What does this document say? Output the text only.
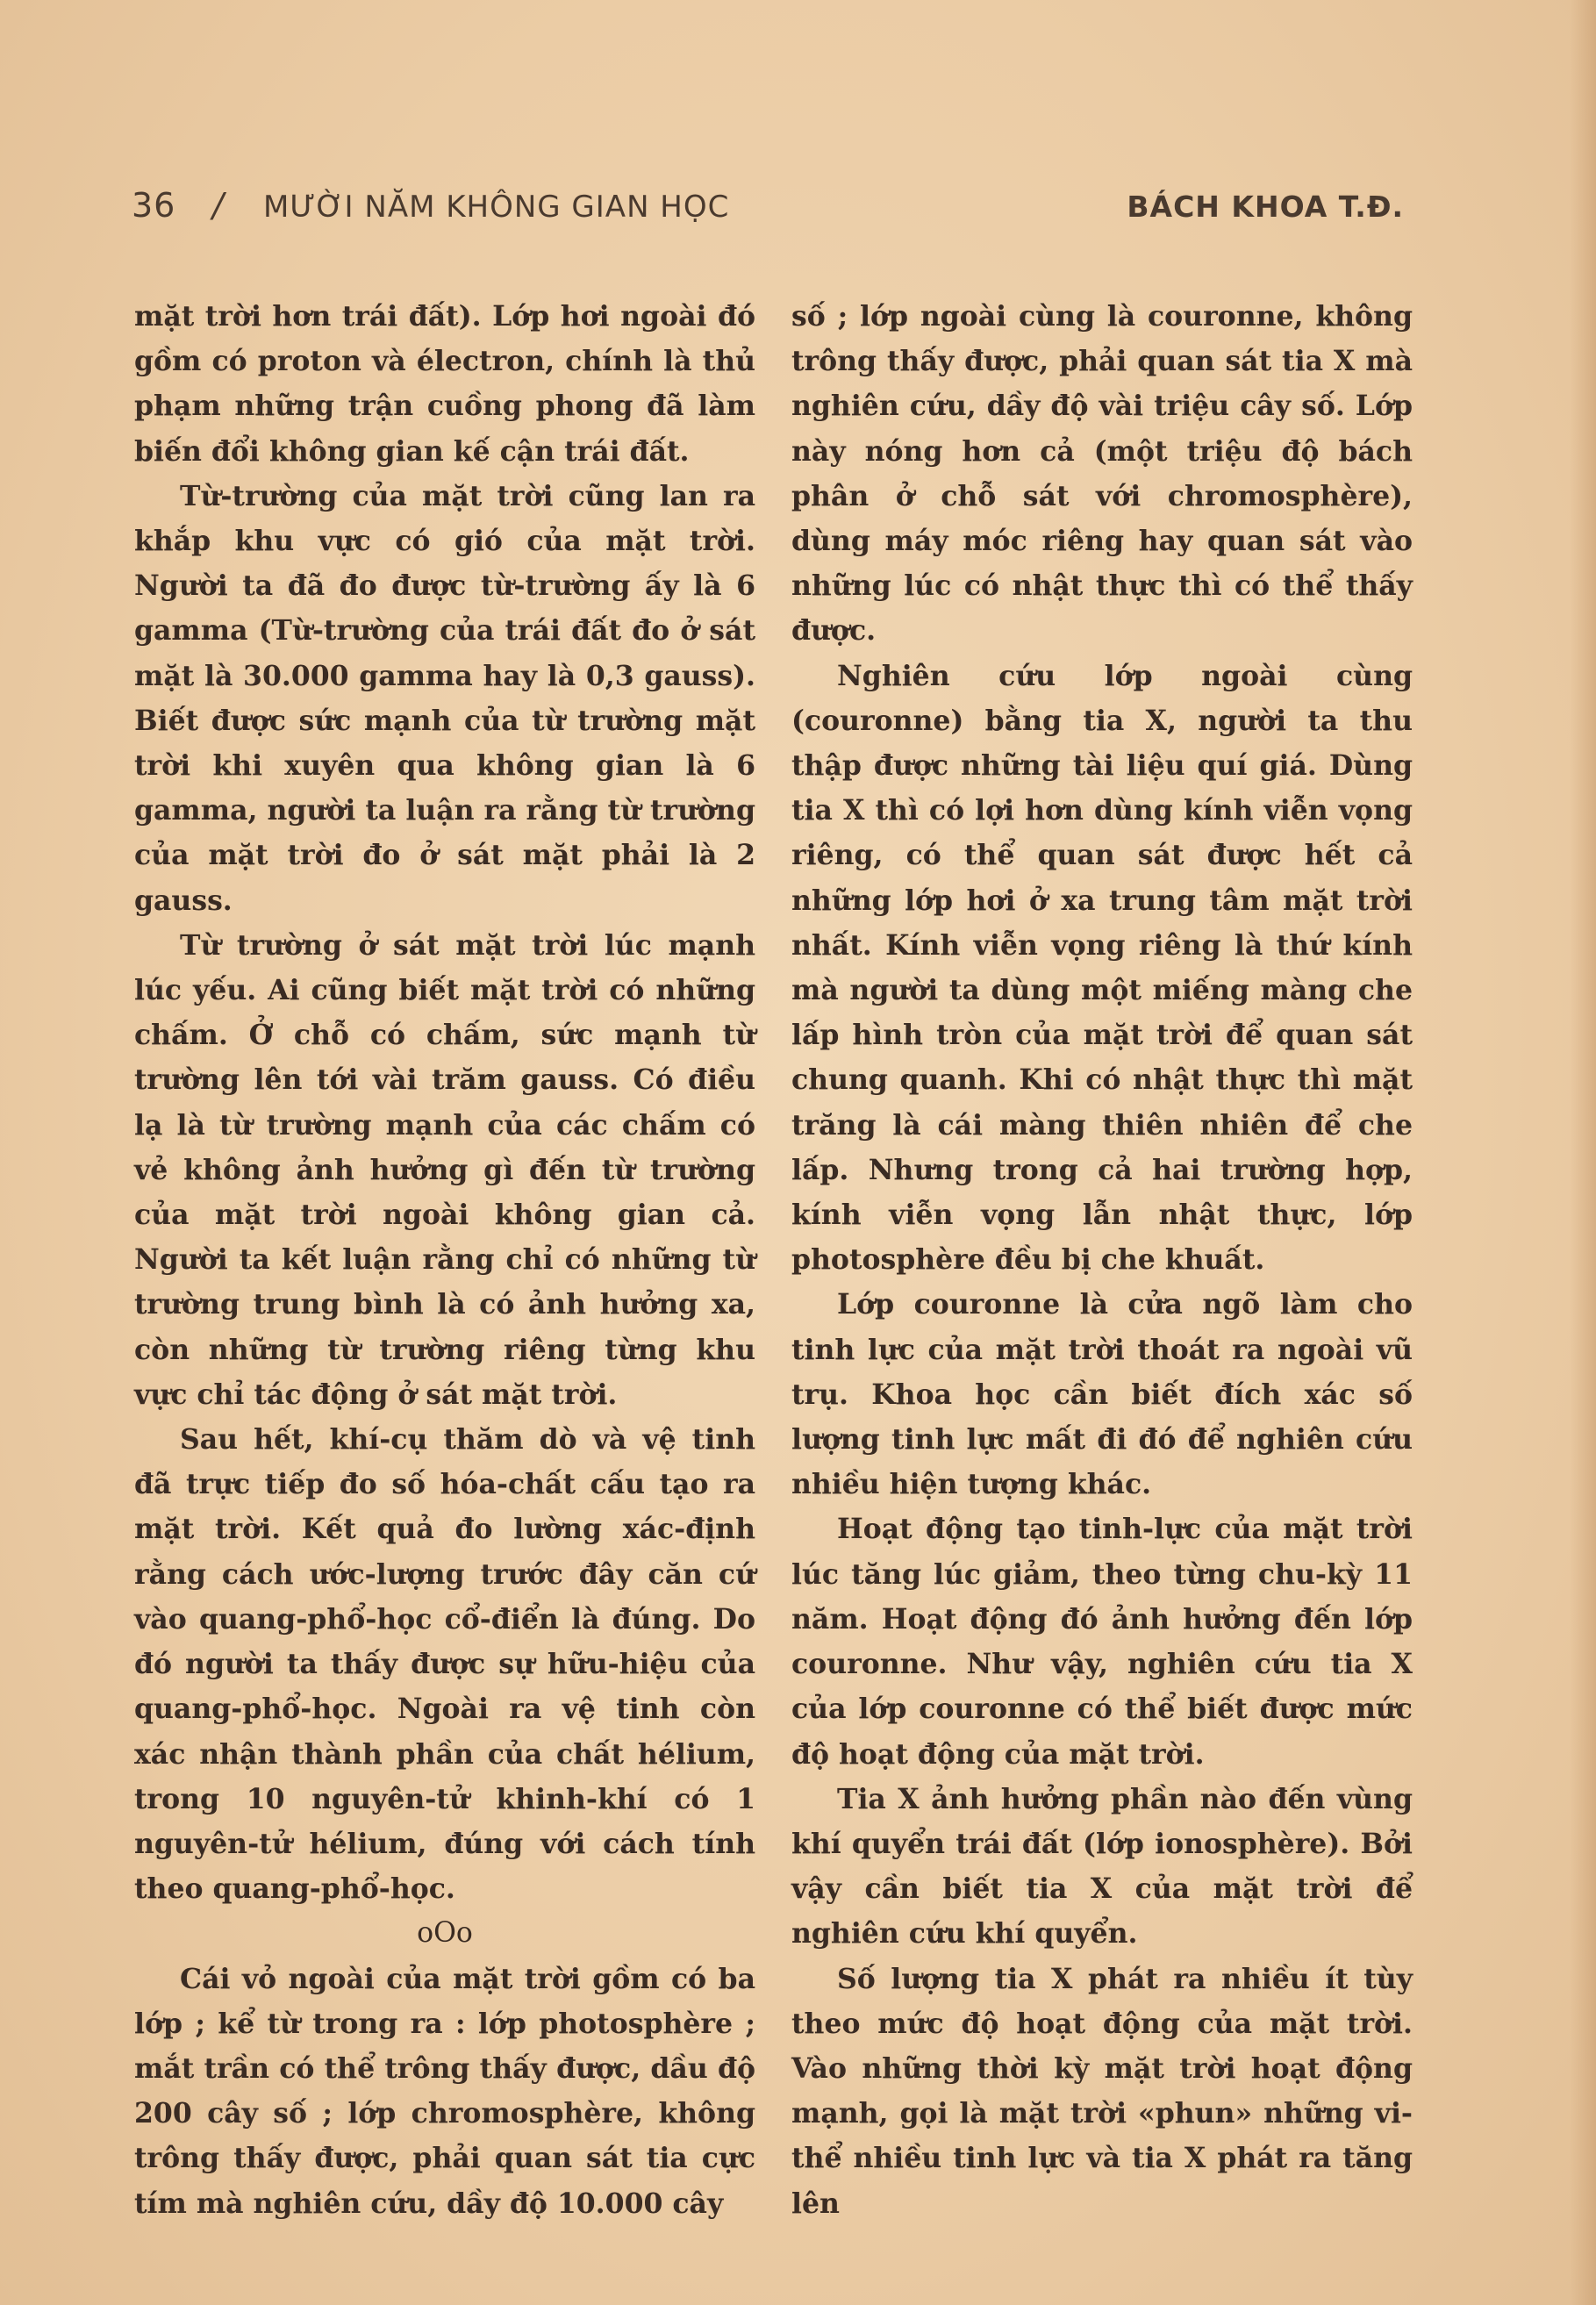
36 / MƯỜI NĂM KHÔNG GIAN HỌC	BÁCH KHOA T.Đ.

mặt trời hơn trái đất). Lớp hơi ngoài đó gồm có proton và électron, chính là thủ phạm những trận cuồng phong đã làm biến đổi không gian kế cận trái đất.

Từ-trường của mặt trời cũng lan ra khắp khu vực có gió của mặt trời. Người ta đã đo được từ-trường ấy là 6 gamma (Từ-trường của trái đất đo ở sát mặt là 30.000 gamma hay là 0,3 gauss). Biết được sức mạnh của từ trường mặt trời khi xuyên qua không gian là 6 gamma, người ta luận ra rằng từ trường của mặt trời đo ở sát mặt phải là 2 gauss.

Từ trường ở sát mặt trời lúc mạnh lúc yếu. Ai cũng biết mặt trời có những chấm. Ở chỗ có chấm, sức mạnh từ trường lên tới vài trăm gauss. Có điều lạ là từ trường mạnh của các chấm có vẻ không ảnh hưởng gì đến từ trường của mặt trời ngoài không gian cả. Người ta kết luận rằng chỉ có những từ trường trung bình là có ảnh hưởng xa, còn những từ trường riêng từng khu vực chỉ tác động ở sát mặt trời.

Sau hết, khí-cụ thăm dò và vệ tinh đã trực tiếp đo số hóa-chất cấu tạo ra mặt trời. Kết quả đo lường xác-định rằng cách ước-lượng trước đây căn cứ vào quang-phổ-học cổ-điển là đúng. Do đó người ta thấy được sự hữu-hiệu của quang-phổ-học. Ngoài ra vệ tinh còn xác nhận thành phần của chất hélium, trong 10 nguyên-tử khinh-khí có 1 nguyên-tử hélium, đúng với cách tính theo quang-phổ-học.

oOo

Cái vỏ ngoài của mặt trời gồm có ba lớp ; kể từ trong ra : lớp photosphère ; mắt trần có thể trông thấy được, dầu độ 200 cây số ; lớp chromosphère, không trông thấy được, phải quan sát tia cực tím mà nghiên cứu, dầy độ 10.000 cây

số ; lớp ngoài cùng là couronne, không trông thấy được, phải quan sát tia X mà nghiên cứu, dầy độ vài triệu cây số. Lớp này nóng hơn cả (một triệu độ bách phân ở chỗ sát với chromosphère), dùng máy móc riêng hay quan sát vào những lúc có nhật thực thì có thể thấy được.

Nghiên cứu lớp ngoài cùng (couronne) bằng tia X, người ta thu thập được những tài liệu quí giá. Dùng tia X thì có lợi hơn dùng kính viễn vọng riêng, có thể quan sát được hết cả những lớp hơi ở xa trung tâm mặt trời nhất. Kính viễn vọng riêng là thứ kính mà người ta dùng một miếng màng che lấp hình tròn của mặt trời để quan sát chung quanh. Khi có nhật thực thì mặt trăng là cái màng thiên nhiên để che lấp. Nhưng trong cả hai trường hợp, kính viễn vọng lẫn nhật thực, lớp photosphère đều bị che khuất.

Lớp couronne là cửa ngõ làm cho tinh lực của mặt trời thoát ra ngoài vũ trụ. Khoa học cần biết đích xác số lượng tinh lực mất đi đó để nghiên cứu nhiều hiện tượng khác.

Hoạt động tạo tinh-lực của mặt trời lúc tăng lúc giảm, theo từng chu-kỳ 11 năm. Hoạt động đó ảnh hưởng đến lớp couronne. Như vậy, nghiên cứu tia X của lớp couronne có thể biết được mức độ hoạt động của mặt trời.

Tia X ảnh hưởng phần nào đến vùng khí quyển trái đất (lớp ionosphère). Bởi vậy cần biết tia X của mặt trời để nghiên cứu khí quyển.

Số lượng tia X phát ra nhiều ít tùy theo mức độ hoạt động của mặt trời. Vào những thời kỳ mặt trời hoạt động mạnh, gọi là mặt trời «phun» những vi-thể nhiều tinh lực và tia X phát ra tăng lên
